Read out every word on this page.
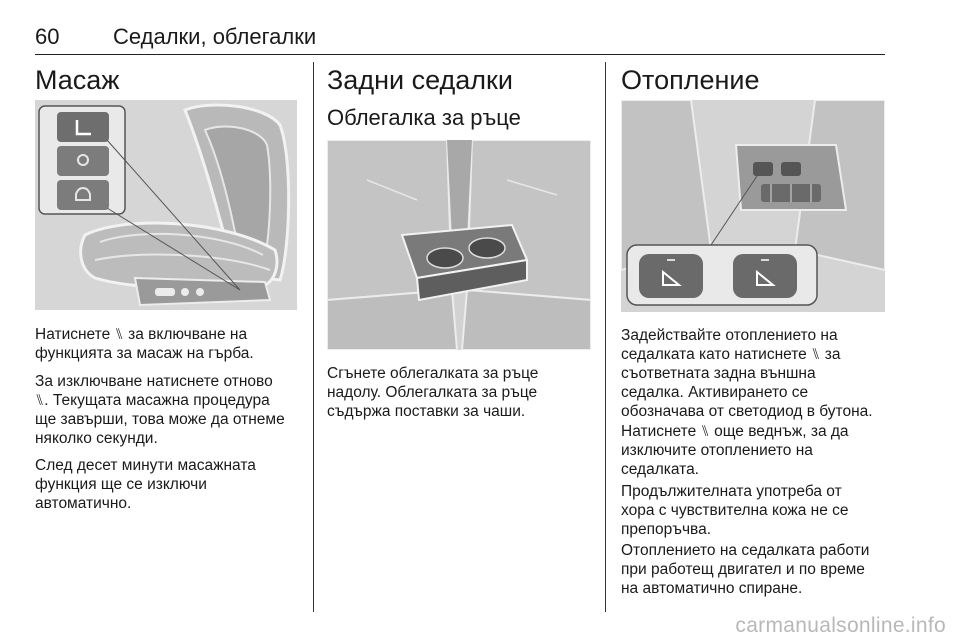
60 Седалки, облегалки
Масаж
Натиснете ⑊ за включване на
функцията за масаж на гърба.
За изключване натиснете отново
⑊. Текущата масажна процедура
ще завърши, това може да отнеме
няколко секунди.
След десет минути масажната
функция ще се изключи
автоматично.
Задни седалки
Облегалка за ръце
Сгънете облегалката за ръце
надолу. Облегалката за ръце
съдържа поставки за чаши.
Отопление
Задействайте отоплението на
седалката като натиснете ⑊ за
съответната задна външна
седалка. Активирането се
обозначава от светодиод в бутона.
Натиснете ⑊ още веднъж, за да
изключите отоплението на
седалката.
Продължителната употреба от
хора с чувствителна кожа не се
препоръчва.
Отоплението на седалката работи
при работещ двигател и по време
на автоматично спиране.
carmanualsonline.info
